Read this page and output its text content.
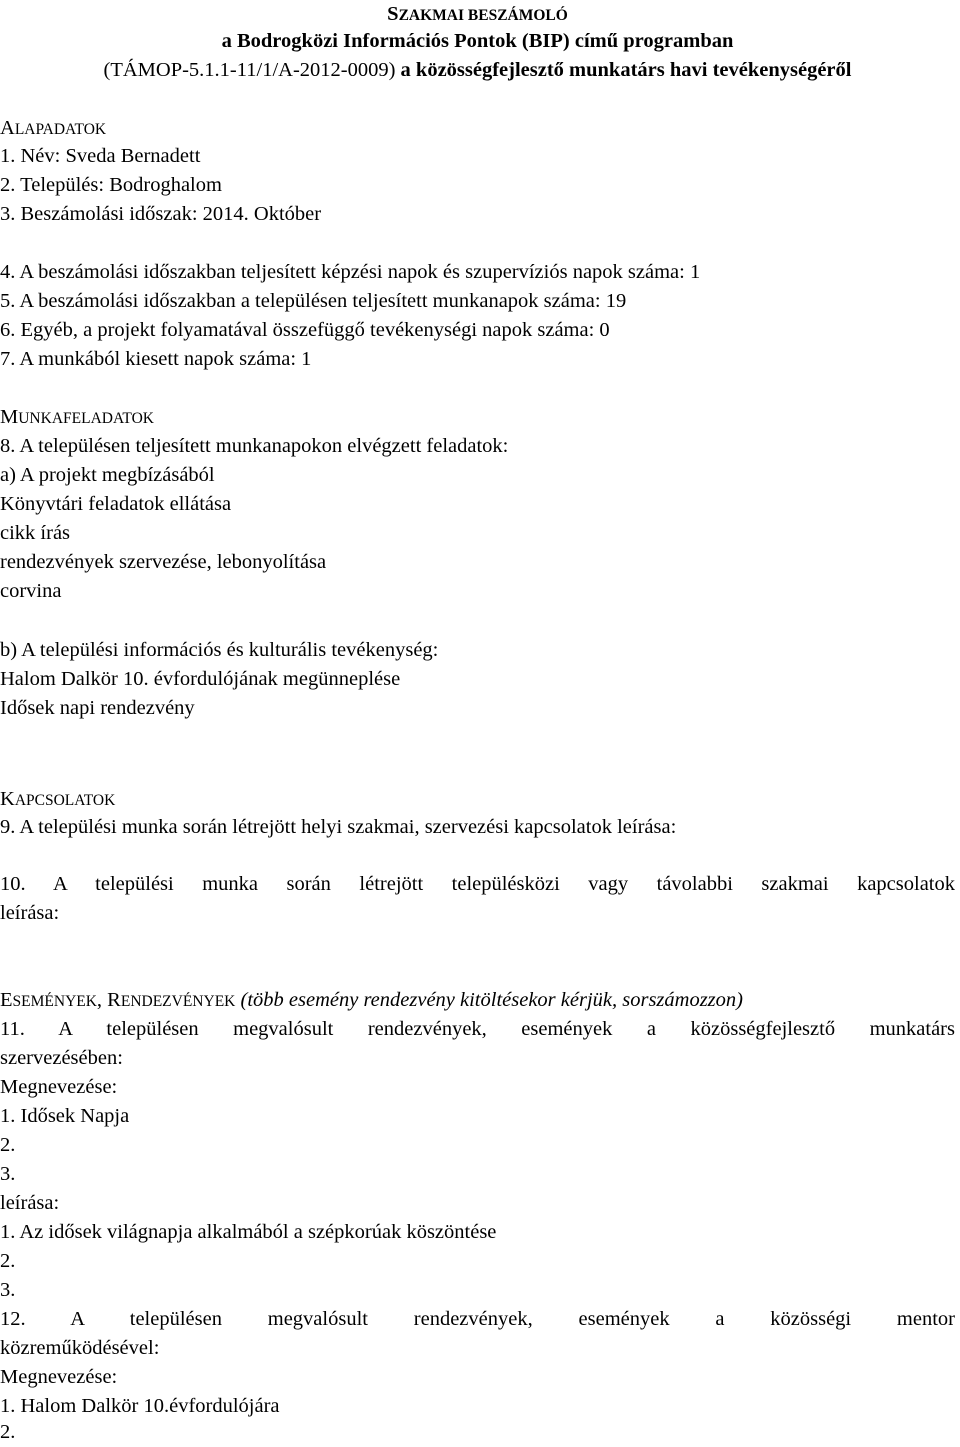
SZAKMAI BESZÁMOLÓ
a Bodrogközi Információs Pontok (BIP) című programban
(TÁMOP-5.1.1-11/1/A-2012-0009) a közösségfejlesztő munkatárs havi tevékenységéről
ALAPADATOK
1. Név: Sveda Bernadett
2. Település: Bodroghalom
3. Beszámolási időszak: 2014. Október
4. A beszámolási időszakban teljesített képzési napok és szupervíziós napok száma: 1
5. A beszámolási időszakban a településen teljesített munkanapok száma: 19
6. Egyéb, a projekt folyamatával összefüggő tevékenységi napok száma: 0
7. A munkából kiesett napok száma: 1
MUNKAFELADATOK
8. A településen teljesített munkanapokon elvégzett feladatok:
a) A projekt megbízásából
Könyvtári feladatok ellátása
cikk írás
rendezvények szervezése, lebonyolítása
corvina
b) A települési információs és kulturális tevékenység:
Halom Dalkör 10. évfordulójának megünneplése
Idősek napi rendezvény
KAPCSOLATOK
9. A települési munka során létrejött helyi szakmai, szervezési kapcsolatok leírása:
10. A települési munka során létrejött településközi vagy távolabbi szakmai kapcsolatok
leírása:
ESEMÉNYEK, RENDEZVÉNYEK (több esemény rendezvény kitöltésekor kérjük, sorszámozzon)
11. A településen megvalósult rendezvények, események a közösségfejlesztő munkatárs
szervezésében:
Megnevezése:
1. Idősek Napja
2.
3.
leírása:
1. Az idősek világnapja alkalmából a szépkorúak köszöntése
2.
3.
12. A településen megvalósult rendezvények, események a közösségi mentor
közreműködésével:
Megnevezése:
1. Halom Dalkör 10.évfordulójára
2.
